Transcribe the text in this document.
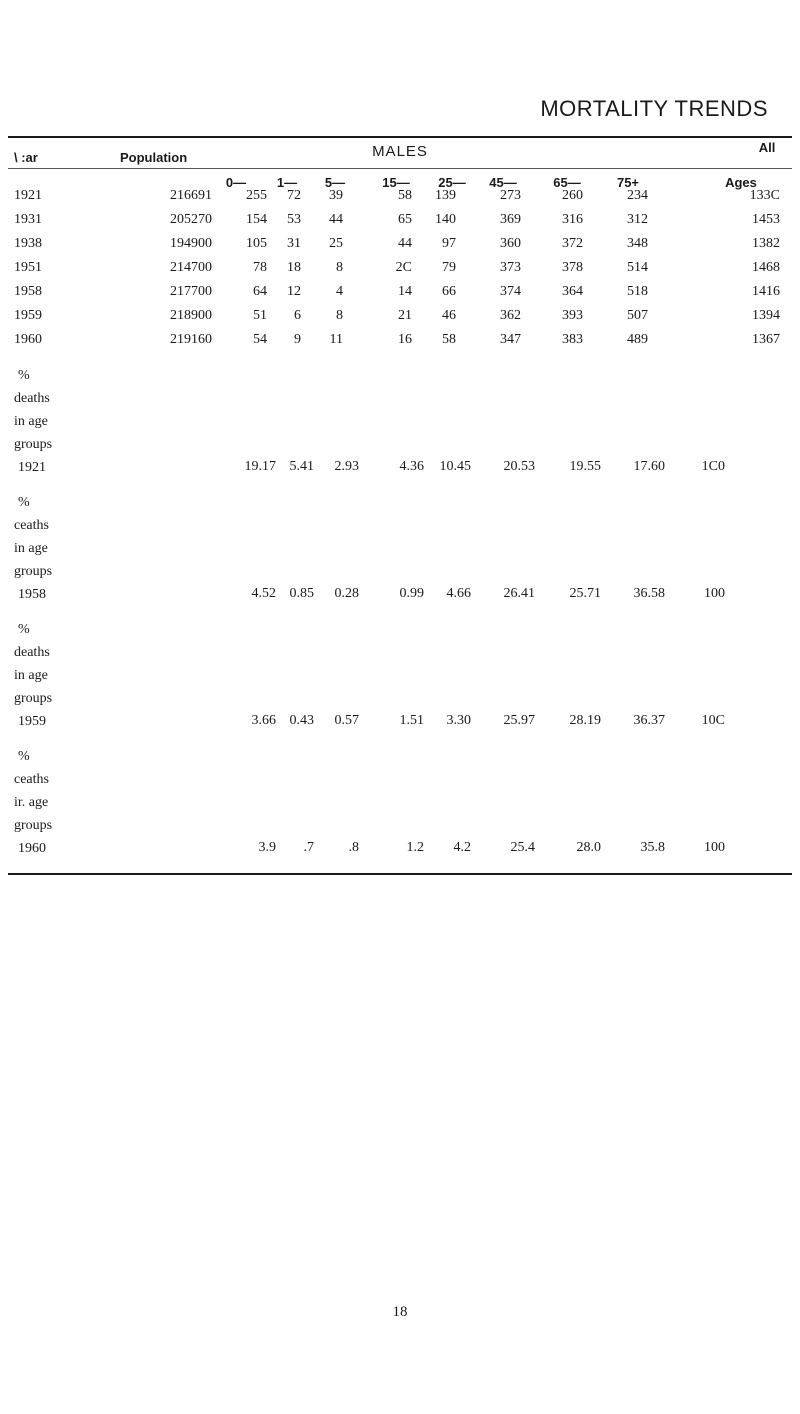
MORTALITY TRENDS
MALES
\ :ar	Population
All
0—	1—	5—	15—	25—	45—	65—	75+	Ages
1921	216691	255	72	39	58	139	273	260	234	133C
1931	205270	154	53	44	65	140	369	316	312	1453
1938	194900	105	31	25	44	97	360	372	348	1382
1951	214700	78	18	8	2C	79	373	378	514	1468
1958	217700	64	12	4	14	66	374	364	518	1416
1959	218900	51	6	8	21	46	362	393	507	1394
1960	219160	54	9	11	16	58	347	383	489	1367
%
deaths
in age
groups
1921	19.17 5.41	2.93	4.36	10.45	20.53	19.55	17.60	1C0
%
ceaths
in age
groups
1958	4.52 0.85	0.28	0.99	4.66	26.41	25.71	36.58	100
%
deaths
in age
groups
1959	3.66 0.43	0.57	1.51	3.30	25.97	28.19	36.37	10C
%
ceaths
ir. age
groups
1960	3.9	.7	.8	1.2	4.2	25.4	28.0	35.8	100
18
